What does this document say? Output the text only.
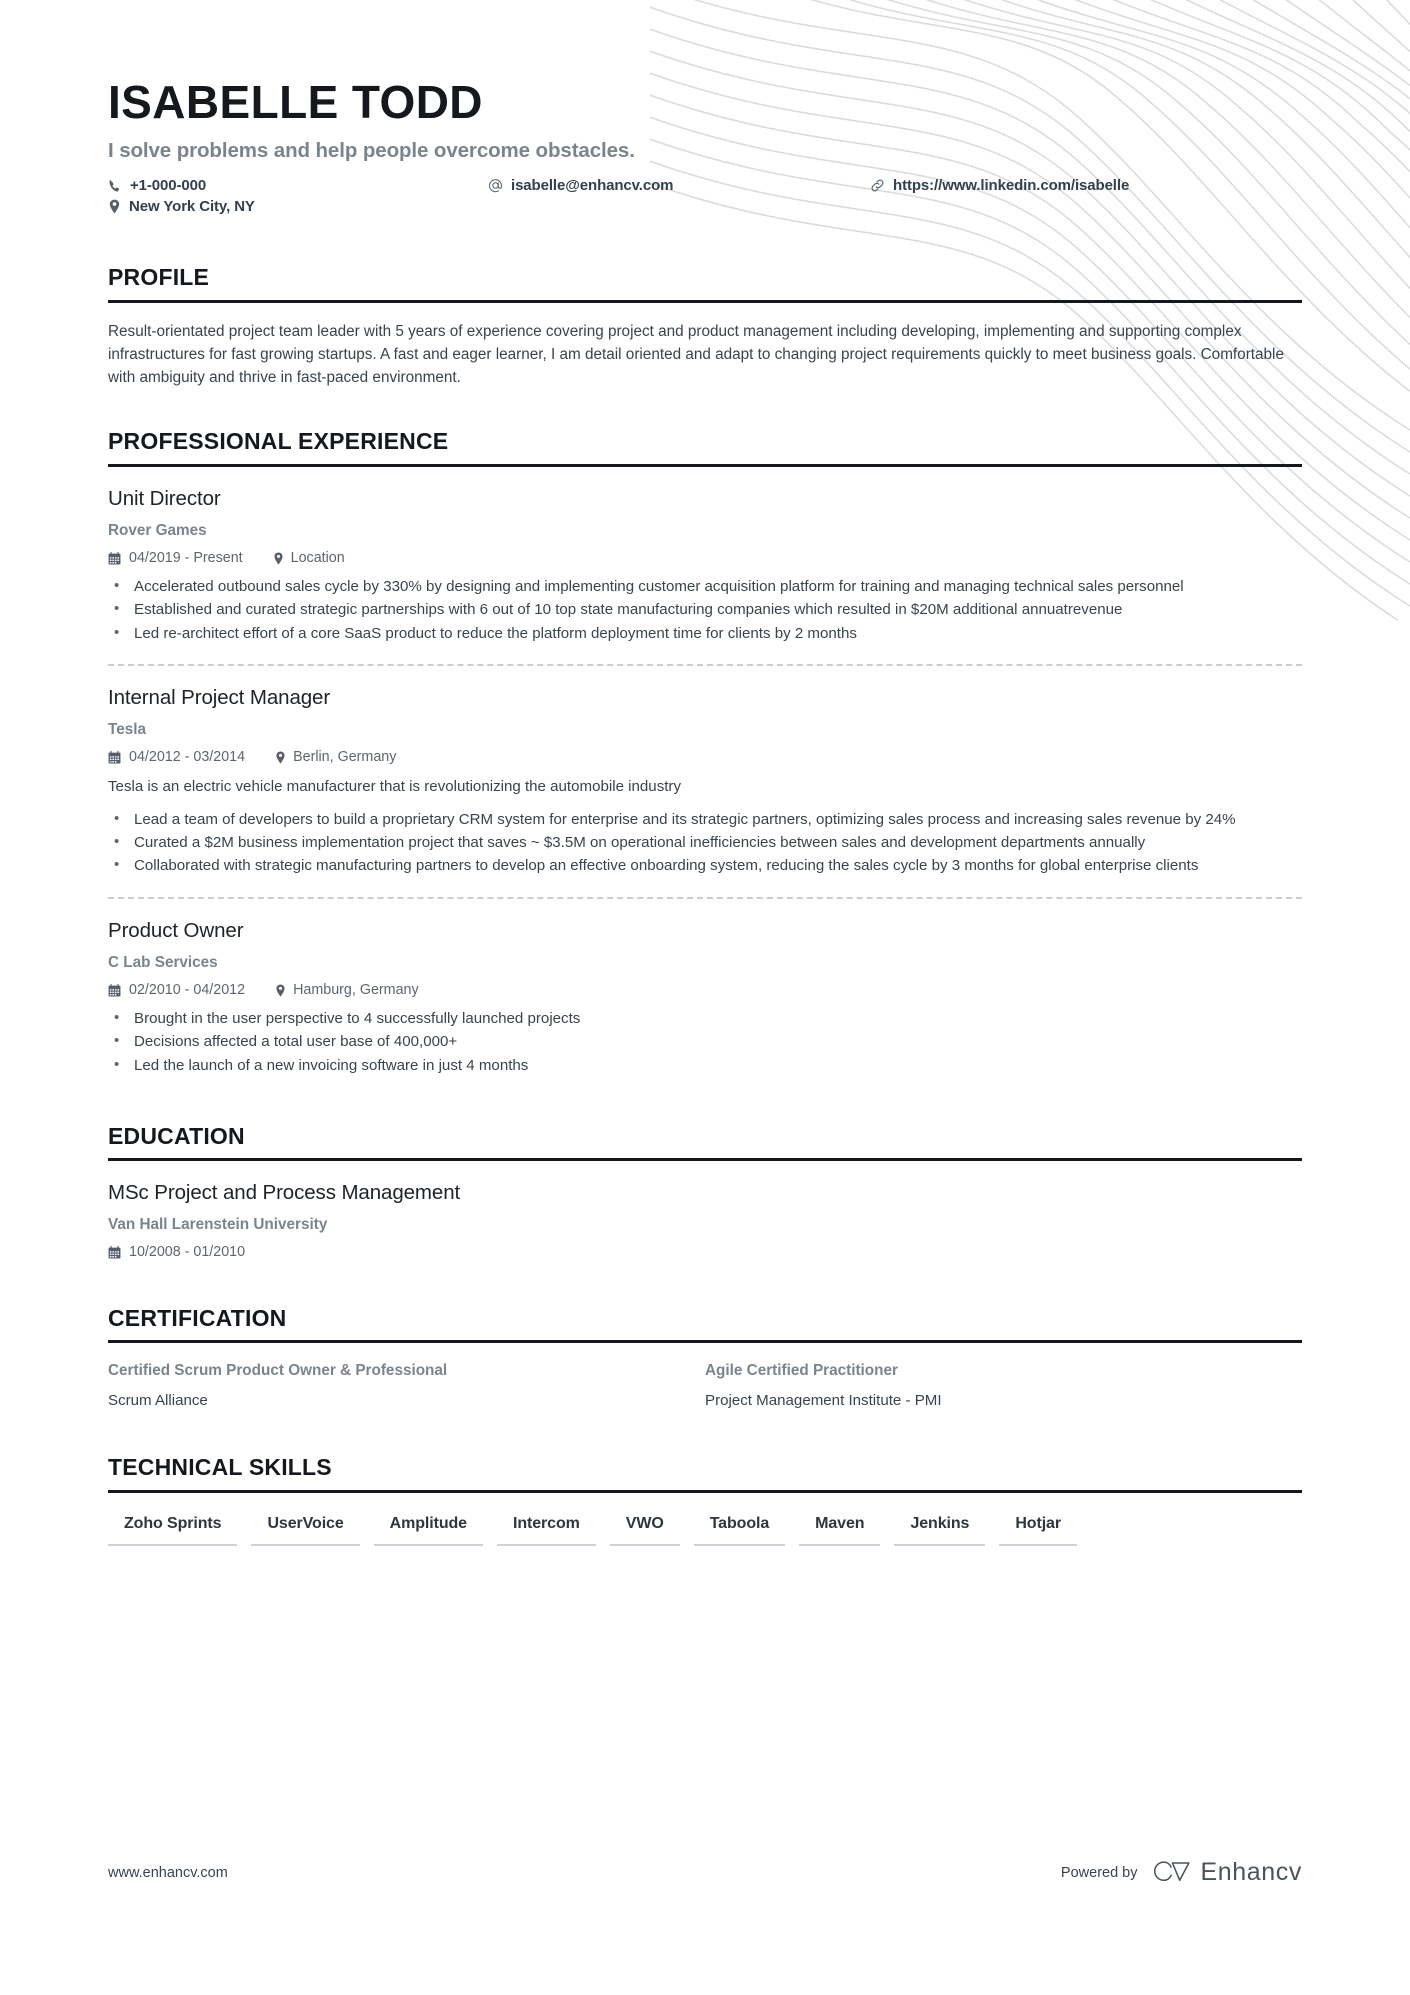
ISABELLE TODD
I solve problems and help people overcome obstacles.
+1-000-000	isabelle@enhancv.com	https://www.linkedin.com/isabelle
New York City, NY
PROFILE
Result-orientated project team leader with 5 years of experience covering project and product management including developing, implementing and supporting complex infrastructures for fast growing startups. A fast and eager learner, I am detail oriented and adapt to changing project requirements quickly to meet business goals. Comfortable with ambiguity and thrive in fast-paced environment.
PROFESSIONAL EXPERIENCE
Unit Director
Rover Games
04/2019 - Present	Location
• Accelerated outbound sales cycle by 330% by designing and implementing customer acquisition platform for training and managing technical sales personnel
• Established and curated strategic partnerships with 6 out of 10 top state manufacturing companies which resulted in $20M additional annuatrevenue
• Led re-architect effort of a core SaaS product to reduce the platform deployment time for clients by 2 months
Internal Project Manager
Tesla
04/2012 - 03/2014	Berlin, Germany
Tesla is an electric vehicle manufacturer that is revolutionizing the automobile industry
• Lead a team of developers to build a proprietary CRM system for enterprise and its strategic partners, optimizing sales process and increasing sales revenue by 24%
• Curated a $2M business implementation project that saves ~ $3.5M on operational inefficiencies between sales and development departments annually
• Collaborated with strategic manufacturing partners to develop an effective onboarding system, reducing the sales cycle by 3 months for global enterprise clients
Product Owner
C Lab Services
02/2010 - 04/2012	Hamburg, Germany
• Brought in the user perspective to 4 successfully launched projects
• Decisions affected a total user base of 400,000+
• Led the launch of a new invoicing software in just 4 months
EDUCATION
MSc Project and Process Management
Van Hall Larenstein University
10/2008 - 01/2010
CERTIFICATION
Certified Scrum Product Owner & Professional
Scrum Alliance
Agile Certified Practitioner
Project Management Institute - PMI
TECHNICAL SKILLS
Zoho Sprints	UserVoice	Amplitude	Intercom	VWO	Taboola	Maven	Jenkins	Hotjar
www.enhancv.com	Powered by	Enhancv
